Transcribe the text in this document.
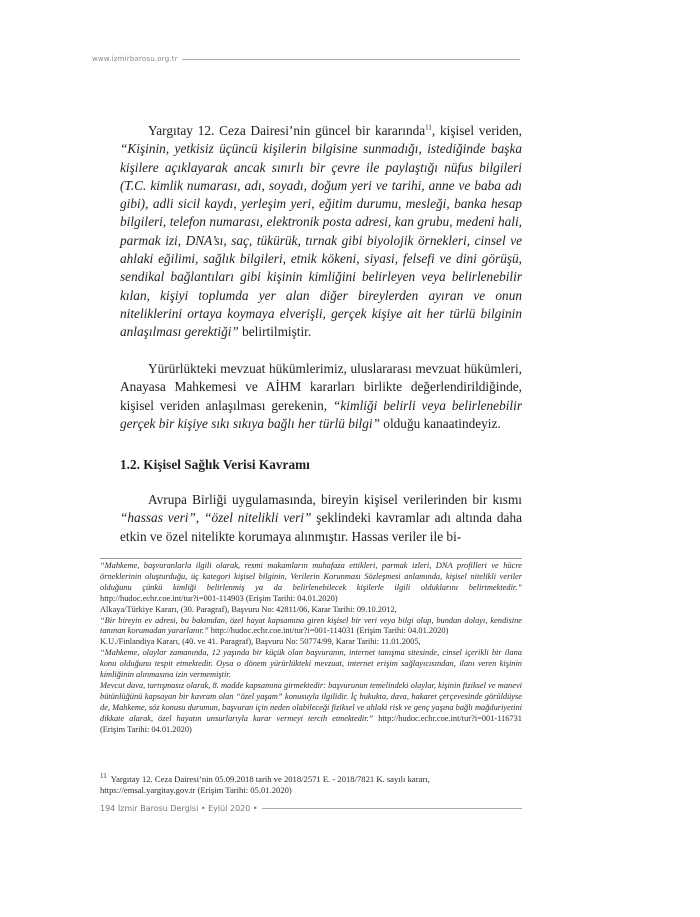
www.izmirbarosu.org.tr

Yargıtay 12. Ceza Dairesi’nin güncel bir kararında$^{11}$, kişisel veriden, “Kişinin, yetkisiz üçüncü kişilerin bilgisine sunmadığı, istediğinde başka kişilere açıklayarak ancak sınırlı bir çevre ile paylaştığı nüfus bilgileri (T.C. kimlik numarası, adı, soyadı, doğum yeri ve tarihi, anne ve baba adı gibi), adli sicil kaydı, yerleşim yeri, eğitim durumu, mesleği, banka hesap bilgileri, telefon numarası, elektronik posta adresi, kan grubu, medeni hali, parmak izi, DNA’sı, saç, tükürük, tırnak gibi biyolojik örnekleri, cinsel ve ahlaki eğilimi, sağlık bilgileri, etnik kökeni, siyasi, felsefi ve dini görüşü, sendikal bağlantıları gibi kişinin kimliğini belirleyen veya belirlenebilir kılan, kişiyi toplumda yer alan diğer bireylerden ayıran ve onun niteliklerini ortaya koymaya elverişli, gerçek kişiye ait her türlü bilginin anlaşılması gerektiği” belirtilmiştir.

Yürürlükteki mevzuat hükümlerimiz, uluslararası mevzuat hükümleri, Anayasa Mahkemesi ve AİHM kararları birlikte değerlendirildiğinde, kişisel veriden anlaşılması gerekenin, “kimliği belirli veya belirlenebilir gerçek bir kişiye sıkı sıkıya bağlı her türlü bilgi” olduğu kanaatindeyiz.

1.2. Kişisel Sağlık Verisi Kavramı

Avrupa Birliği uygulamasında, bireyin kişisel verilerinden bir kısmı “hassas veri”, “özel nitelikli veri” şeklindeki kavramlar adı altında daha etkin ve özel nitelikte korumaya alınmıştır. Hassas veriler ile bi-

“Mahkeme, başvuranlarla ilgili olarak, resmi makamların muhafaza ettikleri, parmak izleri, DNA profilleri ve hücre örneklerinin oluşturduğu, üç kategori kişisel bilginin, Verilerin Korunması Sözleşmesi anlamında, kişisel nitelikli veriler olduğunu çünkü kimliği belirlenmiş ya da belirlenebilecek kişilerle ilgili olduklarını belirtmektedir.” http://hudoc.echr.coe.int/tur?i=001-114903 (Erişim Tarihi: 04.01.2020)

Alkaya/Türkiye Kararı, (30. Paragraf), Başvuru No: 42811/06, Karar Tarihi: 09.10.2012,

“Bir bireyin ev adresi, bu bakımdan, özel hayat kapsamına giren kişisel bir veri veya bilgi olup, bundan dolayı, kendisine tanınan korumadan yararlanır.” http://hudoc.echr.coe.int/tur?i=001-114031 (Erişim Tarihi: 04.01.2020)

K.U./Finlandiya Kararı, (40. ve 41. Paragraf), Başvuru No: 50774/99, Karar Tarihi: 11.01.2005,

“Mahkeme, olaylar zamanında, 12 yaşında bir küçük olan başvuranın, internet tanışma sitesinde, cinsel içerikli bir ilana konu olduğunu tespit etmektedir. Oysa o dönem yürürlükteki mevzuat, internet erişim sağlayıcısından, ilanı veren kişinin kimliğinin alınmasına izin vermemiştir.

Mevcut dava, tartışmasız olarak, 8. madde kapsamına girmektedir: başvurunun temelindeki olaylar, kişinin fiziksel ve manevi bütünlüğünü kapsayan bir kavram olan “özel yaşam” konusuyla ilgilidir. İç hukukta, dava, hakaret çerçevesinde görüldüyse de, Mahkeme, söz konusu durumun, başvuran için neden olabileceği fiziksel ve ahlaki risk ve genç yaşına bağlı mağduriyetini dikkate alarak, özel hayatın unsurlarıyla karar vermeyi tercih etmektedir.” http://hudoc.echr.coe.int/tur?i=001-116731 (Erişim Tarihi: 04.01.2020)

$^{11}$ Yargıtay 12. Ceza Dairesi’nin 05.09.2018 tarih ve 2018/2571 E. - 2018/7821 K. sayılı kararı, https://emsal.yargitay.gov.tr (Erişim Tarihi: 05.01.2020)
194 İzmir Barosu Dergisi • Eylül 2020 •
